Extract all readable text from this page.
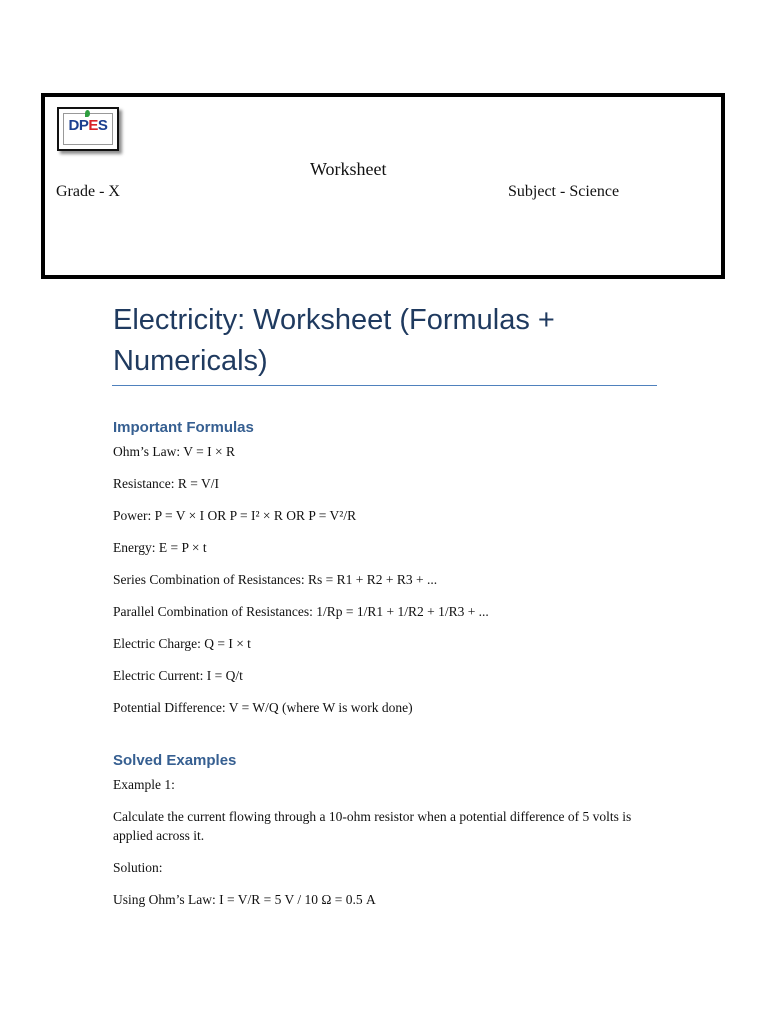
DPES
Worksheet
Grade - X	Subject - Science
Electricity: Worksheet (Formulas + Numericals)
Important Formulas

Ohm’s Law: V = I × R

Resistance: R = V/I

Power: P = V × I OR P = I² × R OR P = V²/R

Energy: E = P × t

Series Combination of Resistances: Rs = R1 + R2 + R3 + ...

Parallel Combination of Resistances: 1/Rp = 1/R1 + 1/R2 + 1/R3 + ...

Electric Charge: Q = I × t

Electric Current: I = Q/t

Potential Difference: V = W/Q (where W is work done)

Solved Examples

Example 1:

Calculate the current flowing through a 10-ohm resistor when a potential difference of 5 volts is applied across it.

Solution:

Using Ohm’s Law: I = V/R = 5 V / 10 Ω = 0.5 A
